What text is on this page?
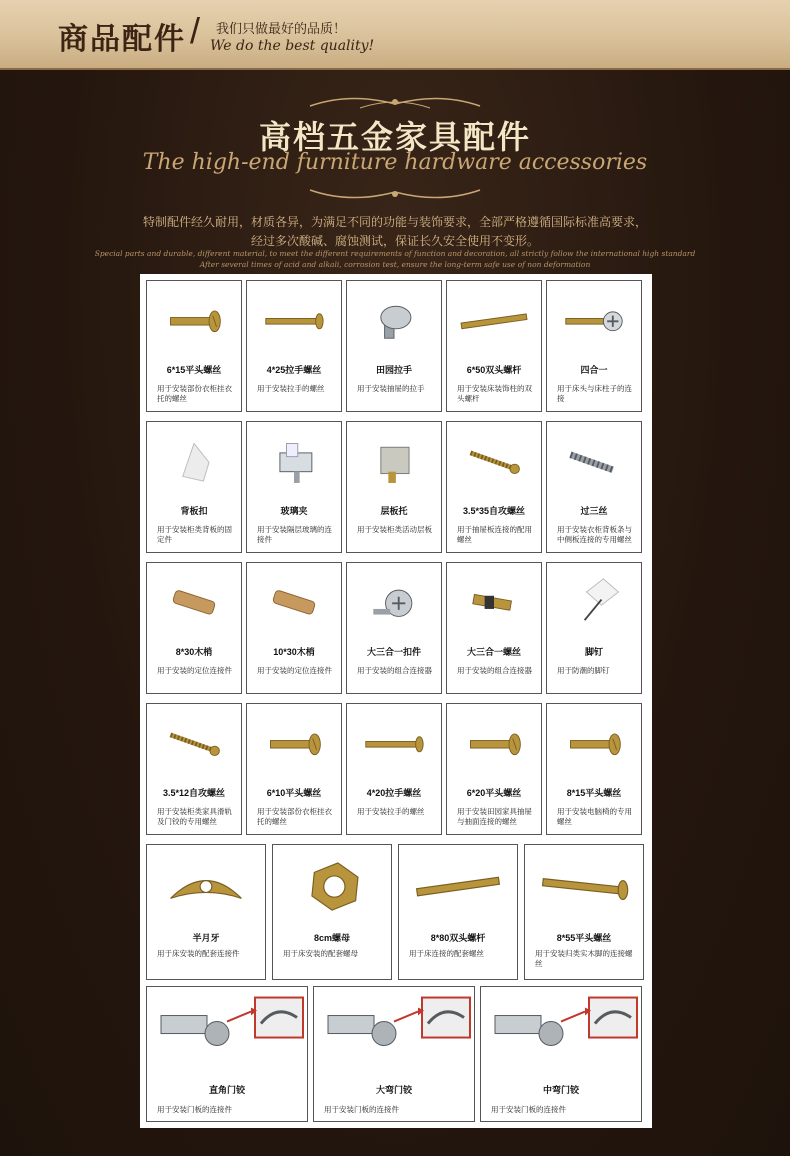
商品配件 / 我们只做最好的品质！
We do the best quality!
高档五金家具配件
The high-end furniture hardware accessories
特制配件经久耐用，材质各异，为满足不同的功能与装饰要求，全部严格遵循国际标准高要求，
经过多次酸碱、腐蚀测试，保证长久安全使用不变形。
Special parts and durable, different material, to meet the different requirements of function and decoration, all strictly follow the international high standard
After several times of acid and alkali, corrosion test, ensure the long-term safe use of non deformation
6*15平头螺丝
用于安装部份衣柜挂衣托的螺丝
4*25拉手螺丝
用于安装拉手的螺丝
田园拉手
用于安装抽屉的拉手
6*50双头螺杆
用于安装床装饰柱的双头螺杆
四合一
用于床头与床柱子的连接
背板扣
用于安装柜类背板的固定件
玻璃夹
用于安装隔层玻璃的连接件
层板托
用于安装柜类活动层板
3.5*35自攻螺丝
用于抽屉板连接的配用螺丝
过三丝
用于安装衣柜背板条与中侧板连接的专用螺丝
8*30木梢
用于安装的定位连接件
10*30木梢
用于安装的定位连接件
大三合一扣件
用于安装的组合连接器
大三合一螺丝
用于安装的组合连接器
脚钉
用于防潮的脚钉
3.5*12自攻螺丝
用于安装柜类家具滑轨及门铰的专用螺丝
6*10平头螺丝
用于安装部份衣柜挂衣托的螺丝
4*20拉手螺丝
用于安装拉手的螺丝
6*20平头螺丝
用于安装田园家具抽屉与抽面连接的螺丝
8*15平头螺丝
用于安装电脑椅的专用螺丝
半月牙
用于床安装的配套连接件
8cm螺母
用于床安装的配套螺母
8*80双头螺杆
用于床连接的配套螺丝
8*55平头螺丝
用于安装归类实木脚的连接螺丝
直角门铰
用于安装门板的连接件
大弯门铰
用于安装门板的连接件
中弯门铰
用于安装门板的连接件
